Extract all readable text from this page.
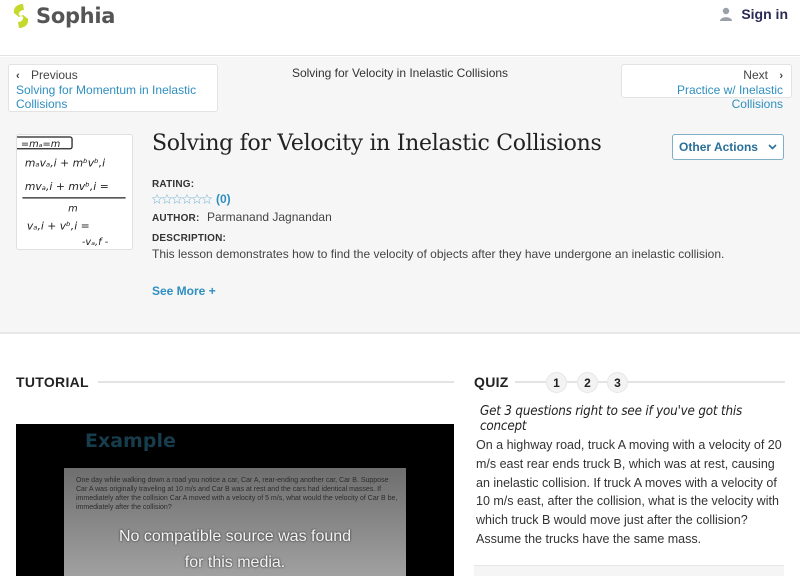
Sophia	Sign in
‹ Previous
Solving for Momentum in Inelastic Collisions
Solving for Velocity in Inelastic Collisions	Next ›
Practice w/ Inelastic Collisions
=mₐ=m
mₐvₐ,i + mᵇvᵇ,i
mvₐ,i + mvᵇ,i =
m
vₐ,i + vᵇ,i =
-vₐ,f -
Solving for Velocity in Inelastic Collisions	Other Actions
RATING:
(0)
AUTHOR: Parmanand Jagnandan
DESCRIPTION:
This lesson demonstrates how to find the velocity of objects after they have undergone an inelastic collision.
See More +
TUTORIAL
Example
One day while walking down a road you notice a car, Car A, rear-ending another car, Car B. Suppose Car A was originally traveling at 10 m/s and Car B was at rest and the cars had identical masses. If immediately after the collision Car A moved with a velocity of 5 m/s, what would the velocity of Car B be, immediately after the collision?
No compatible source was found
for this media.
QUIZ	1	2	3
Get 3 questions right to see if you've got this concept
On a highway road, truck A moving with a velocity of 20 m/s east rear ends truck B, which was at rest, causing an inelastic collision. If truck A moves with a velocity of 10 m/s east, after the collision, what is the velocity with which truck B would move just after the collision? Assume the trucks have the same mass.
